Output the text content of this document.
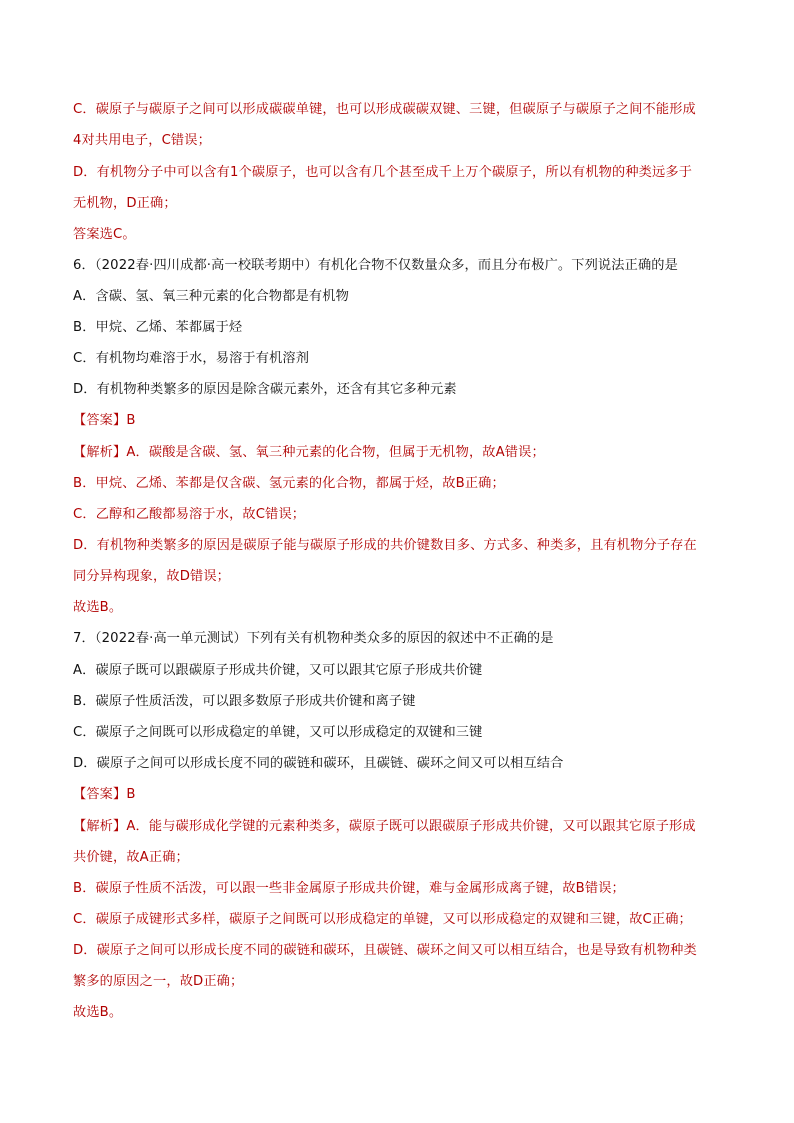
C．碳原子与碳原子之间可以形成碳碳单键，也可以形成碳碳双键、三键，但碳原子与碳原子之间不能形成

4对共用电子，C错误；

D．有机物分子中可以含有1个碳原子，也可以含有几个甚至成千上万个碳原子，所以有机物的种类远多于

无机物，D正确；

答案选C。

6．（2022春·四川成都·高一校联考期中）有机化合物不仅数量众多，而且分布极广。下列说法正确的是

A．含碳、氢、氧三种元素的化合物都是有机物

B．甲烷、乙烯、苯都属于烃

C．有机物均难溶于水，易溶于有机溶剂

D．有机物种类繁多的原因是除含碳元素外，还含有其它多种元素

【答案】B

【解析】A．碳酸是含碳、氢、氧三种元素的化合物，但属于无机物，故A错误；

B．甲烷、乙烯、苯都是仅含碳、氢元素的化合物，都属于烃，故B正确；

C．乙醇和乙酸都易溶于水，故C错误；

D．有机物种类繁多的原因是碳原子能与碳原子形成的共价键数目多、方式多、种类多，且有机物分子存在

同分异构现象，故D错误；

故选B。

7．（2022春·高一单元测试）下列有关有机物种类众多的原因的叙述中不正确的是

A．碳原子既可以跟碳原子形成共价键，又可以跟其它原子形成共价键

B．碳原子性质活泼，可以跟多数原子形成共价键和离子键

C．碳原子之间既可以形成稳定的单键，又可以形成稳定的双键和三键

D．碳原子之间可以形成长度不同的碳链和碳环，且碳链、碳环之间又可以相互结合

【答案】B

【解析】A．能与碳形成化学键的元素种类多，碳原子既可以跟碳原子形成共价键，又可以跟其它原子形成

共价键，故A正确；

B．碳原子性质不活泼，可以跟一些非金属原子形成共价键，难与金属形成离子键，故B错误；

C．碳原子成键形式多样，碳原子之间既可以形成稳定的单键，又可以形成稳定的双键和三键，故C正确；

D．碳原子之间可以形成长度不同的碳链和碳环，且碳链、碳环之间又可以相互结合，也是导致有机物种类

繁多的原因之一，故D正确；

故选B。
